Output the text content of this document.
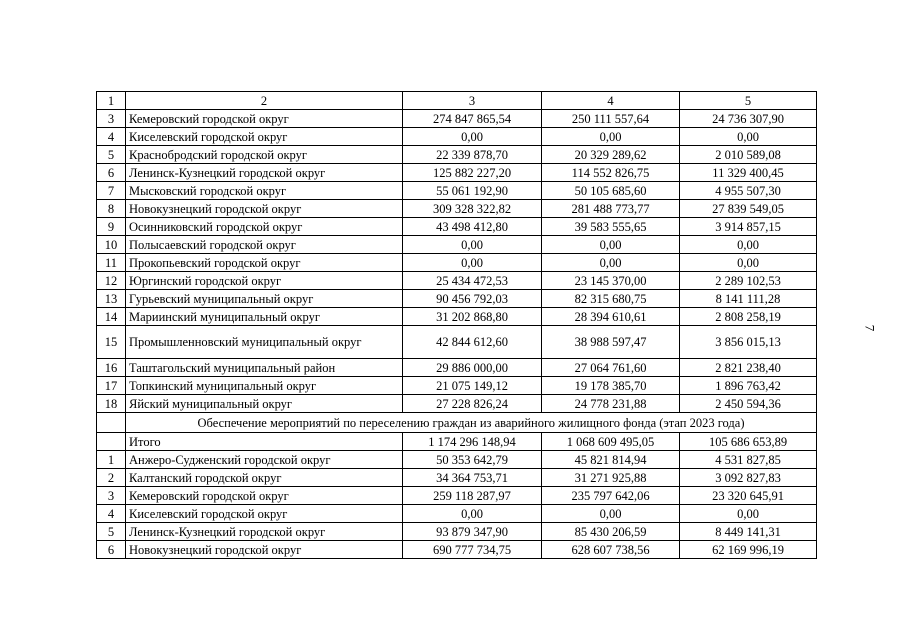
1	2	3	4	5
3	Кемеровский городской округ	274 847 865,54	250 111 557,64	24 736 307,90
4	Киселевский городской округ	0,00	0,00	0,00
5	Краснобродский городской округ	22 339 878,70	20 329 289,62	2 010 589,08
6	Ленинск-Кузнецкий городской округ	125 882 227,20	114 552 826,75	11 329 400,45
7	Мысковский городской округ	55 061 192,90	50 105 685,60	4 955 507,30
8	Новокузнецкий городской округ	309 328 322,82	281 488 773,77	27 839 549,05
9	Осинниковский городской округ	43 498 412,80	39 583 555,65	3 914 857,15
10	Полысаевский городской округ	0,00	0,00	0,00
11	Прокопьевский городской округ	0,00	0,00	0,00
12	Юргинский городской округ	25 434 472,53	23 145 370,00	2 289 102,53
13	Гурьевский муниципальный округ	90 456 792,03	82 315 680,75	8 141 111,28
14	Мариинский муниципальный округ	31 202 868,80	28 394 610,61	2 808 258,19
15	Промышленновский муниципальный округ	42 844 612,60	38 988 597,47	3 856 015,13
16	Таштагольский муниципальный район	29 886 000,00	27 064 761,60	2 821 238,40
17	Топкинский муниципальный округ	21 075 149,12	19 178 385,70	1 896 763,42
18	Яйский муниципальный округ	27 228 826,24	24 778 231,88	2 450 594,36
	Обеспечение мероприятий по переселению граждан из аварийного жилищного фонда (этап 2023 года)			
	Итого	1 174 296 148,94	1 068 609 495,05	105 686 653,89
1	Анжеро-Судженский городской округ	50 353 642,79	45 821 814,94	4 531 827,85
2	Калтанский городской округ	34 364 753,71	31 271 925,88	3 092 827,83
3	Кемеровский городской округ	259 118 287,97	235 797 642,06	23 320 645,91
4	Киселевский городской округ	0,00	0,00	0,00
5	Ленинск-Кузнецкий городской округ	93 879 347,90	85 430 206,59	8 449 141,31
6	Новокузнецкий городской округ	690 777 734,75	628 607 738,56	62 169 996,19
7
